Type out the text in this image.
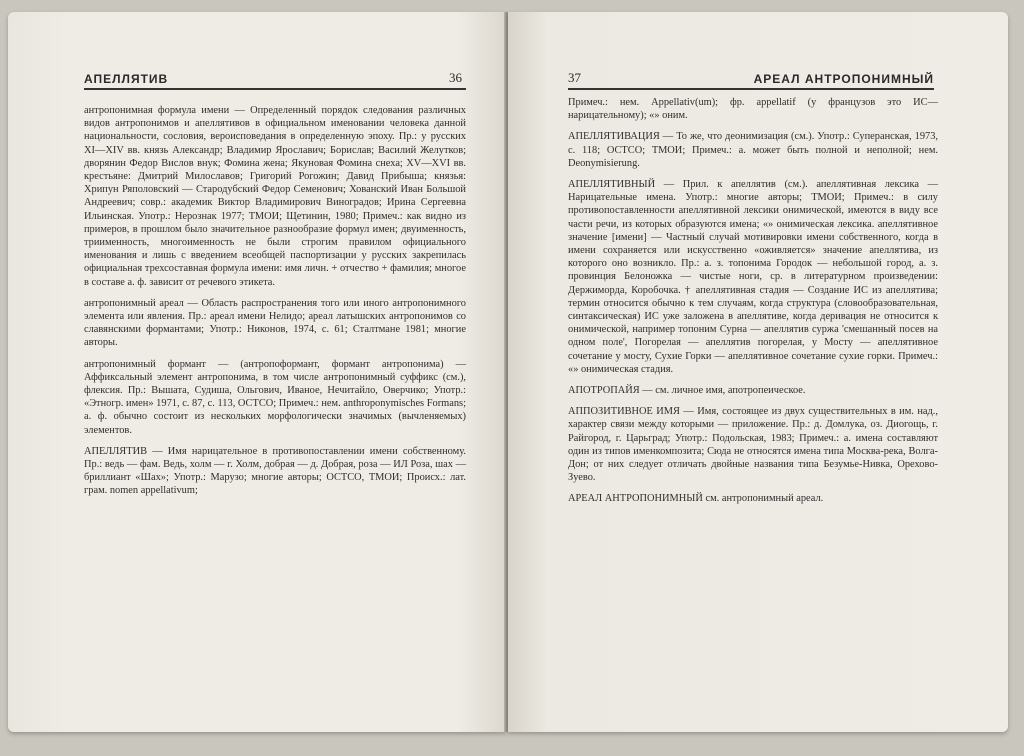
АПЕЛЛЯТИВ	36

антропонимная формула имени — Определенный порядок следования различных видов антропонимов и апеллятивов в официальном именовании человека данной национальности, сословия, вероисповедания в определенную эпоху. Пр.: у русских XI—XIV вв. князь Александр; Владимир Ярославич; Борислав; Василий Желутков; дворянин Федор Вислов внук; Фомина жена; Якуновая Фомина снеха; XV—XVI вв. крестьяне: Дмитрий Милославов; Григорий Рогожин; Давид Прибыша; князья: Хрипун Ряполовский — Стародубский Федор Семенович; Хованский Иван Большой Андреевич; совр.: академик Виктор Владимирович Виноградов; Ирина Сергеевна Ильинская. Употр.: Нерознак 1977; ТМОИ; Щетинин, 1980; Примеч.: как видно из примеров, в прошлом было значительное разнообразие формул имен; двуименность, триименность, многоименность не были строгим правилом официального именования и лишь с введением всеобщей паспортизации у русских закрепилась официальная трехсоставная формула имени: имя личн. + отчество + фамилия; многое в составе а. ф. зависит от речевого этикета.

антропонимный ареал — Область распространения того или иного антропонимного элемента или явления. Пр.: ареал имени Нелидо; ареал латышских антропонимов со славянскими формантами; Употр.: Никонов, 1974, с. 61; Сталтмане 1981; многие авторы.

антропонимный формант — (антропоформант, формант антропонима) — Аффиксальный элемент антропонима, в том числе антропонимный суффикс (см.), флексия. Пр.: Вышата, Судиша, Ольгович, Иваное, Нечитайло, Оверчико; Употр.: «Этногр. имен» 1971, с. 87, с. 113, ОСТСО; Примеч.: нем. anthroponymisches Formans; а. ф. обычно состоит из нескольких морфологически значимых (вычленяемых) элементов.

АПЕЛЛЯТИВ — Имя нарицательное в противопоставлении имени собственному. Пр.: ведь — фам. Ведь, холм — г. Холм, добрая — д. Добрая, роза — ИЛ Роза, шах — бриллиант «Шах»; Употр.: Марузо; многие авторы; ОСТСО, ТМОИ; Происх.: лат. грам. nomen appellativum;

37	АРЕАЛ АНТРОПОНИМНЫЙ

Примеч.: нем. Appellativ(um); фр. appellatif (у французов это ИС—нарицательному); «» оним.

АПЕЛЛЯТИВАЦИЯ — То же, что деонимизация (см.). Употр.: Суперанская, 1973, с. 118; ОСТСО; ТМОИ; Примеч.: а. может быть полной и неполной; нем. Deonymisierung.

АПЕЛЛЯТИВНЫЙ — Прил. к апеллятив (см.). апеллятивная лексика — Нарицательные имена. Употр.: многие авторы; ТМОИ; Примеч.: в силу противопоставленности апеллятивной лексики онимической, имеются в виду все части речи, из которых образуются имена; «» онимическая лексика. апеллятивное значение [имени] — Частный случай мотивировки имени собственного, когда в имени сохраняется или искусственно «оживляется» значение апеллятива, из которого оно возникло. Пр.: а. з. топонима Городок — небольшой город, а. з. провинция Белоножка — чистые ноги, ср. в литературном произведении: Держиморда, Коробочка. † апеллятивная стадия — Создание ИС из апеллятива; термин относится обычно к тем случаям, когда структура (словообразовательная, синтаксическая) ИС уже заложена в апеллятиве, когда деривация не относится к онимической, например топоним Сурна — апеллятив суржа 'смешанный посев на одном поле', Погорелая — апеллятив погорелая, у Мосту — апеллятивное сочетание у мосту, Сухие Горки — апеллятивное сочетание сухие горки. Примеч.: «» онимическая стадия.

АПОТРОПАЙЯ — см. личное имя, апотропеическое.

АППОЗИТИВНОЕ ИМЯ — Имя, состоящее из двух существительных в им. над., характер связи между которыми — приложение. Пр.: д. Домлука, оз. Диогощь, г. Райгород, г. Царьград; Употр.: Подольская, 1983; Примеч.: а. имена составляют один из типов именкомпозита; Сюда не относятся имена типа Москва-река, Волга-Дон; от них следует отличать двойные названия типа Безумье-Нивка, Орехово-Зуево.

АРЕАЛ АНТРОПОНИМНЫЙ см. антропонимный ареал.
